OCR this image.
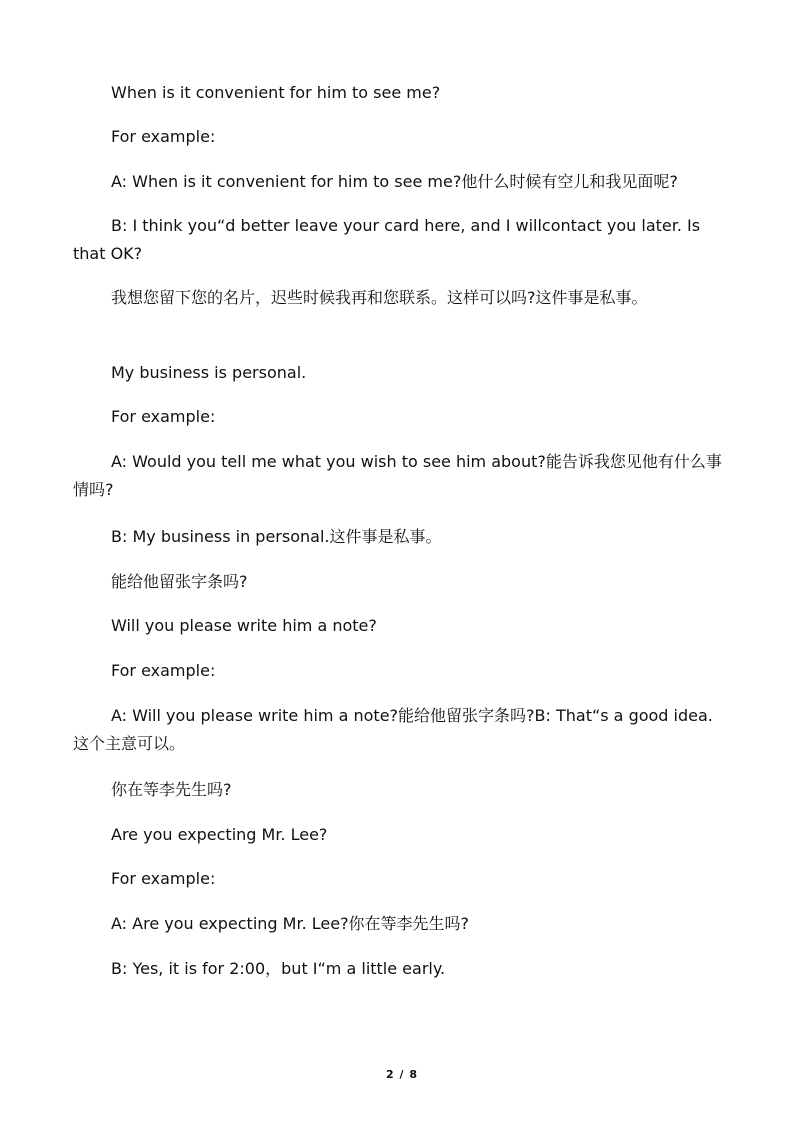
When is it convenient for him to see me?

For example:

A: When is it convenient for him to see me?他什么时候有空儿和我见面呢?

B: I think you“d better leave your card here, and I willcontact you later. Is that OK?

我想您留下您的名片，迟些时候我再和您联系。这样可以吗?这件事是私事。

My business is personal.

For example:

A: Would you tell me what you wish to see him about?能告诉我您见他有什么事情吗?

B: My business in personal.这件事是私事。

能给他留张字条吗?

Will you please write him a note?

For example:

A: Will you please write him a note?能给他留张字条吗?B: That“s a good idea. 这个主意可以。

你在等李先生吗?

Are you expecting Mr. Lee?

For example:

A: Are you expecting Mr. Lee?你在等李先生吗?

B: Yes, it is for 2:00，but I“m a little early.

2 / 8
